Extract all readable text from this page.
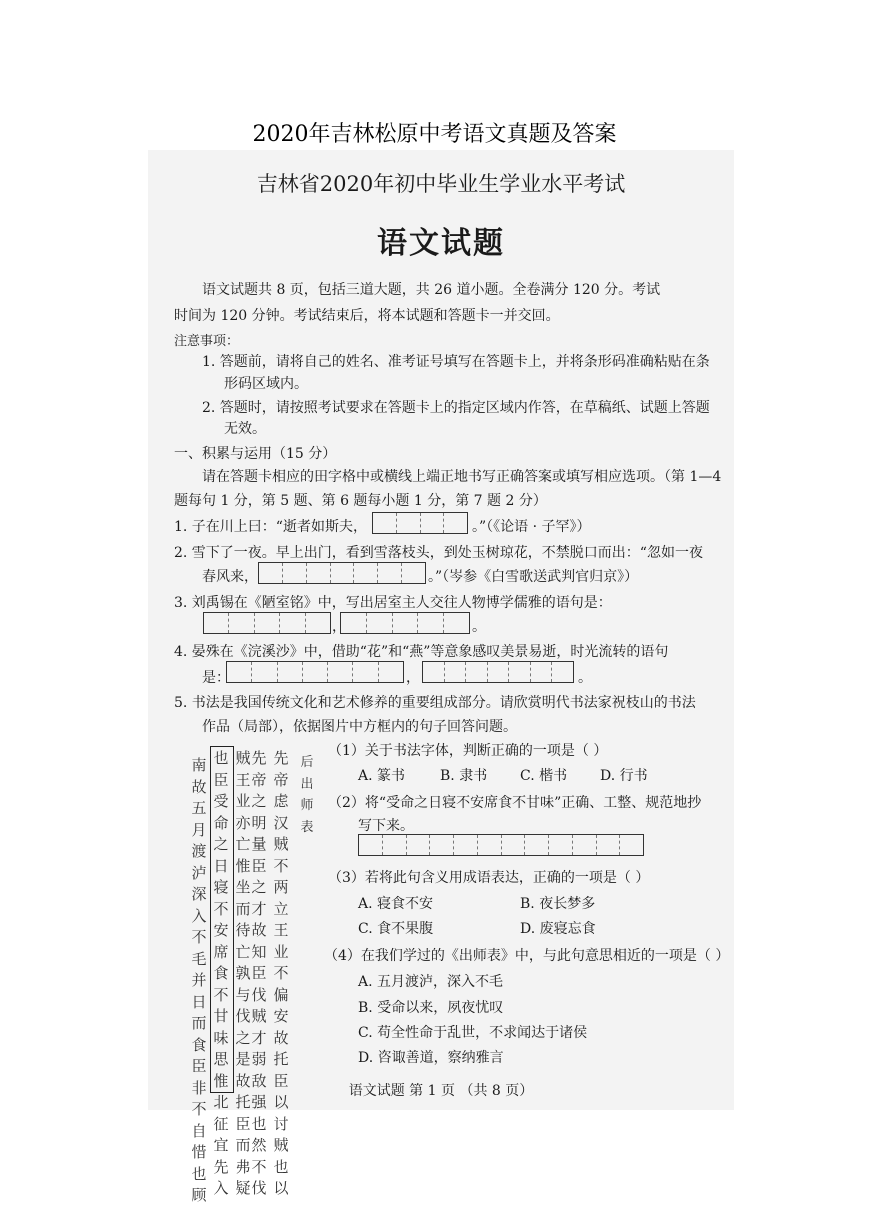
2020年吉林松原中考语文真题及答案
吉林省2020年初中毕业生学业水平考试
语文试题
语文试题共 8 页，包括三道大题，共 26 道小题。全卷满分 120 分。考试
时间为 120 分钟。考试结束后，将本试题和答题卡一并交回。
注意事项：
1. 答题前，请将自己的姓名、准考证号填写在答题卡上，并将条形码准确粘贴在条
形码区域内。
2. 答题时，请按照考试要求在答题卡上的指定区域内作答，在草稿纸、试题上答题
无效。
一、积累与运用（15 分）
请在答题卡相应的田字格中或横线上端正地书写正确答案或填写相应选项。（第 1—4
题每句 1 分，第 5 题、第 6 题每小题 1 分，第 7 题 2 分）
1. 子在川上曰：“逝者如斯夫，	。”（《论语 · 子罕》）
2. 雪下了一夜。早上出门，看到雪落枝头，到处玉树琼花，不禁脱口而出：“忽如一夜
春风来，	。”（岑参《白雪歌送武判官归京》）
3. 刘禹锡在《陋室铭》中，写出居室主人交往人物博学儒雅的语句是：
，	。
4. 晏殊在《浣溪沙》中，借助“花”和“燕”等意象感叹美景易逝，时光流转的语句
是：	，	。
5. 书法是我国传统文化和艺术修养的重要组成部分。请欣赏明代书法家祝枝山的书法
作品（局部），依据图片中方框内的句子回答问题。
后出师表
先帝虑汉贼不两立王业不偏安故托臣以讨贼也以
先帝之明量臣之才故知臣伐贼才弱敌强也然不伐
贼王业亦亡惟坐而待亡孰与伐之是故托臣而弗疑
也臣受命之日寝不安席食不甘味思惟北征宜先入
南故五月渡泸深入不毛并日而食臣非不自惜也顾
（1）关于书法字体，判断正确的一项是（ ）
A. 篆书 B. 隶书 C. 楷书 D. 行书
（2）将“受命之日寝不安席食不甘味”正确、工整、规范地抄
写下来。
（3）若将此句含义用成语表达，正确的一项是（ ）
A. 寝食不安	B. 夜长梦多
C. 食不果腹	D. 废寝忘食
（4）在我们学过的《出师表》中，与此句意思相近的一项是（ ）
A. 五月渡泸，深入不毛
B. 受命以来，夙夜忧叹
C. 苟全性命于乱世，不求闻达于诸侯
D. 咨诹善道，察纳雅言
语文试题 第 1 页 （共 8 页）
